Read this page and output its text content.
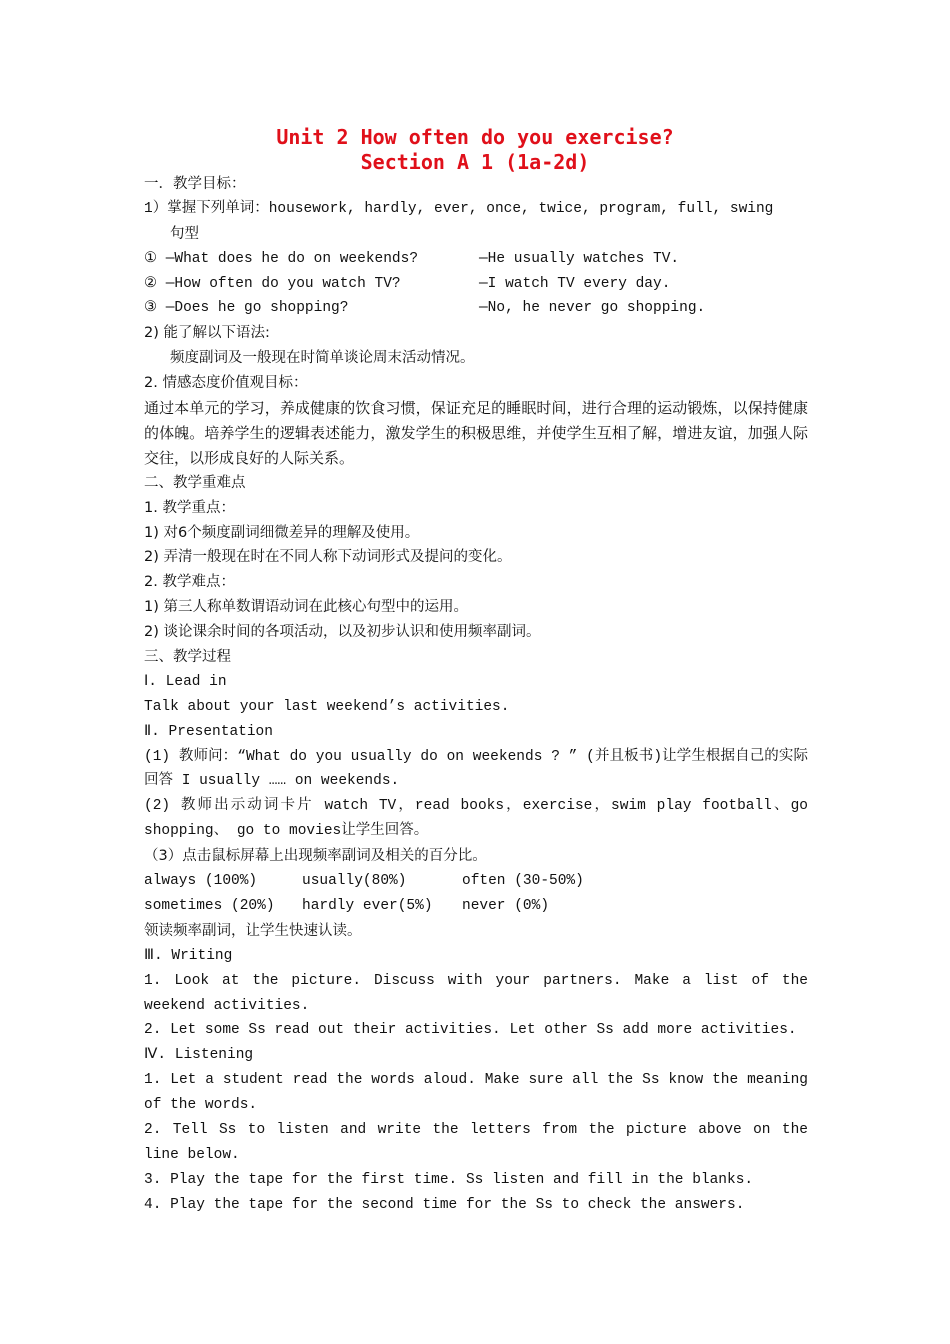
Unit 2 How often do you exercise?
Section A 1 (1a-2d)
一．教学目标：
1）掌握下列单词：housework, hardly, ever, once, twice, program, full, swing
句型
① —What does he do on weekends?	—He usually watches TV.
② —How often do you watch TV?	—I watch TV every day.
③ —Does he go shopping?	—No, he never go shopping.
2) 能了解以下语法:
频度副词及一般现在时简单谈论周末活动情况。
2. 情感态度价值观目标：
通过本单元的学习，养成健康的饮食习惯，保证充足的睡眠时间，进行合理的运动锻炼，以保持健康的体魄。培养学生的逻辑表述能力，激发学生的积极思维，并使学生互相了解，增进友谊，加强人际交往，以形成良好的人际关系。
二、教学重难点
1. 教学重点：
1) 对6个频度副词细微差异的理解及使用。
2) 弄清一般现在时在不同人称下动词形式及提问的变化。
2. 教学难点：
1) 第三人称单数谓语动词在此核心句型中的运用。
2) 谈论课余时间的各项活动，以及初步认识和使用频率副词。
三、教学过程
Ⅰ. Lead in
Talk about your last weekend’s activities.
Ⅱ. Presentation
(1) 教师问：“What do you usually do on weekends ? ” (并且板书)让学生根据自己的实际回答 I usually …… on weekends.
(2) 教师出示动词卡片 watch TV，read books，exercise，swim play football、go shopping、 go to movies让学生回答。
（3）点击鼠标屏幕上出现频率副词及相关的百分比。
always (100%)	usually(80%)	often (30-50%)
sometimes (20%)	hardly ever(5%)	never (0%)
领读频率副词，让学生快速认读。
Ⅲ. Writing
1. Look at the picture. Discuss with your partners. Make a list of the weekend activities.
2. Let some Ss read out their activities. Let other Ss add more activities.
Ⅳ. Listening
1. Let a student read the words aloud. Make sure all the Ss know the meaning of the words.
2. Tell Ss to listen and write the letters from the picture above on the line below.
3. Play the tape for the first time. Ss listen and fill in the blanks.
4. Play the tape for the second time for the Ss to check the answers.
